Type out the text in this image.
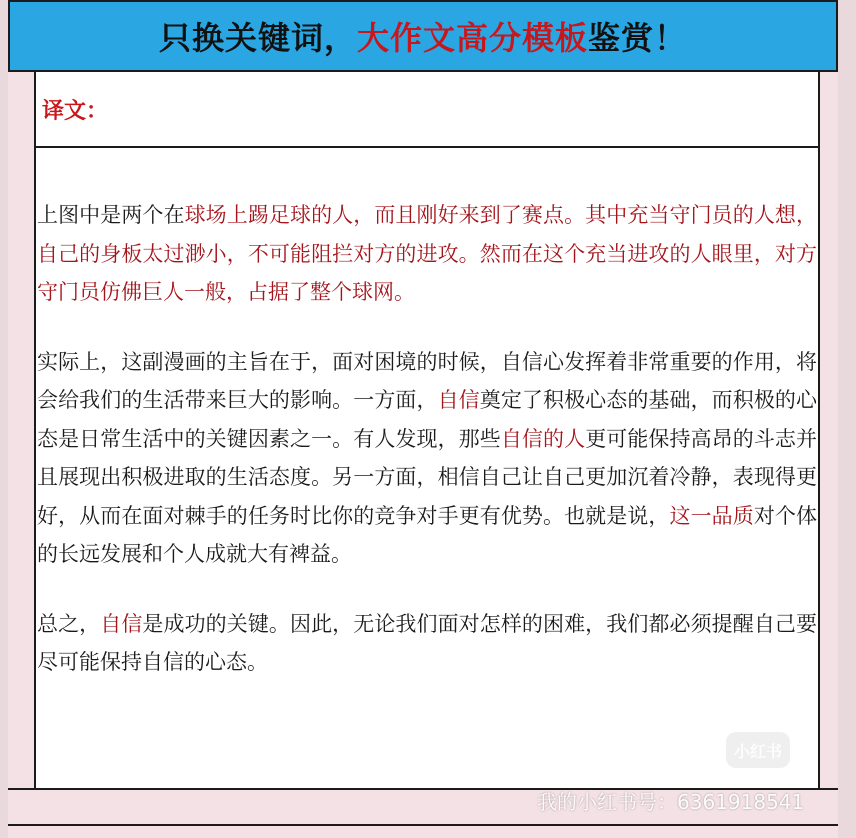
只换关键词， 大作文高分模板 鉴赏！
译文：

上图中是两个在球场上踢足球的人，而且刚好来到了赛点。其中充当守门员的人想，自己的身板太过渺小，不可能阻拦对方的进攻。然而在这个充当进攻的人眼里，对方守门员仿佛巨人一般，占据了整个球网。

实际上，这副漫画的主旨在于，面对困境的时候，自信心发挥着非常重要的作用，将会给我们的生活带来巨大的影响。一方面，自信奠定了积极心态的基础，而积极的心态是日常生活中的关键因素之一。有人发现，那些自信的人更可能保持高昂的斗志并且展现出积极进取的生活态度。另一方面，相信自己让自己更加沉着冷静，表现得更好，从而在面对棘手的任务时比你的竞争对手更有优势。也就是说，这一品质对个体的长远发展和个人成就大有裨益。

总之，自信是成功的关键。因此，无论我们面对怎样的困难，我们都必须提醒自己要尽可能保持自信的心态。

小红书
我的小红书号：6361918541
